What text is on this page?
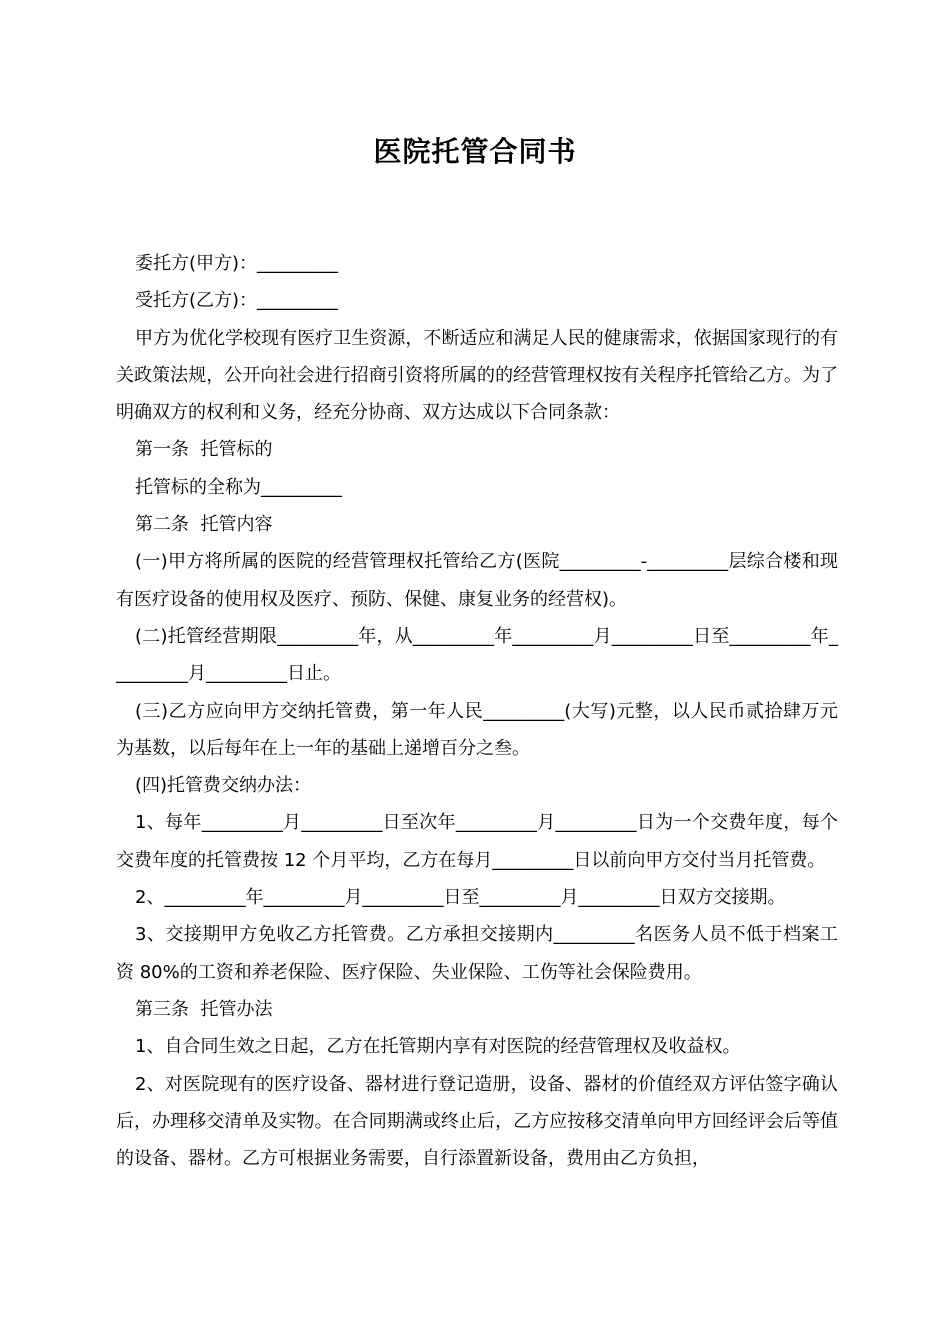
医院托管合同书

委托方(甲方)：_________

受托方(乙方)：_________

甲方为优化学校现有医疗卫生资源，不断适应和满足人民的健康需求，依据国家现行的有关政策法规，公开向社会进行招商引资将所属的的经营管理权按有关程序托管给乙方。为了明确双方的权利和义务，经充分协商、双方达成以下合同条款：

第一条  托管标的

托管标的全称为_________

第二条  托管内容

(一)甲方将所属的医院的经营管理权托管给乙方(医院_________-_________层综合楼和现有医疗设备的使用权及医疗、预防、保健、康复业务的经营权)。

(二)托管经营期限_________年，从_________年_________月_________日至_________年_________月_________日止。

(三)乙方应向甲方交纳托管费，第一年人民_________(大写)元整，以人民币贰拾肆万元为基数，以后每年在上一年的基础上递增百分之叁。

(四)托管费交纳办法：

1、每年_________月_________日至次年_________月_________日为一个交费年度，每个交费年度的托管费按 12 个月平均，乙方在每月_________日以前向甲方交付当月托管费。

2、_________年_________月_________日至_________月_________日双方交接期。

3、交接期甲方免收乙方托管费。乙方承担交接期内_________名医务人员不低于档案工资 80%的工资和养老保险、医疗保险、失业保险、工伤等社会保险费用。

第三条  托管办法

1、自合同生效之日起，乙方在托管期内享有对医院的经营管理权及收益权。

2、对医院现有的医疗设备、器材进行登记造册，设备、器材的价值经双方评估签字确认后，办理移交清单及实物。在合同期满或终止后，乙方应按移交清单向甲方回经评会后等值的设备、器材。乙方可根据业务需要，自行添置新设备，费用由乙方负担，
